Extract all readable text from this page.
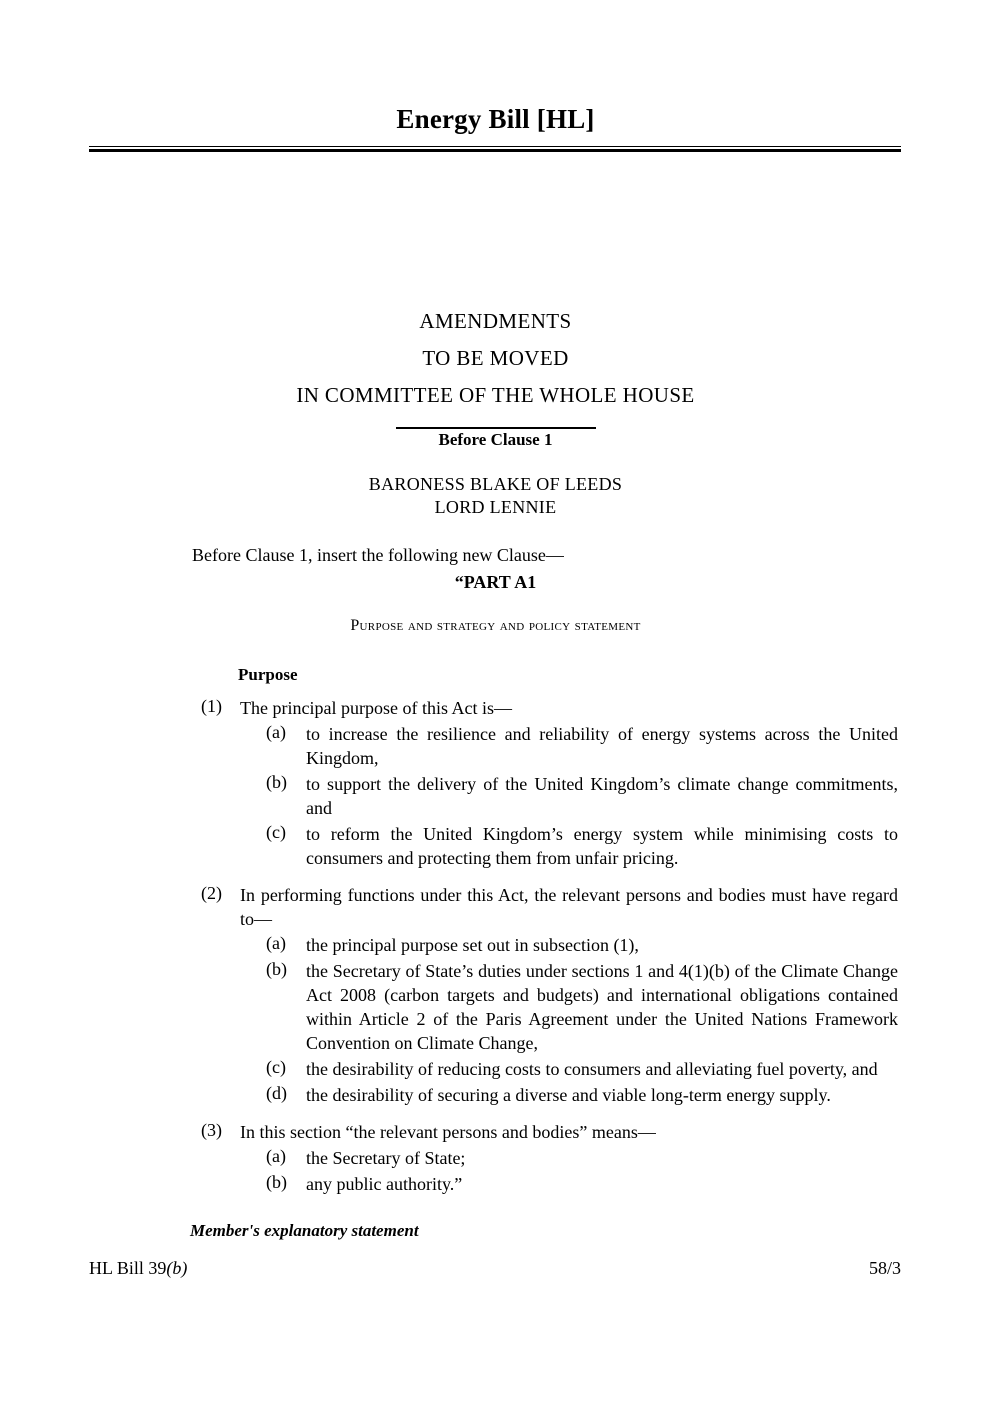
Energy Bill [HL]
AMENDMENTS
TO BE MOVED
IN COMMITTEE OF THE WHOLE HOUSE
Before Clause 1
BARONESS BLAKE OF LEEDS
LORD LENNIE
Before Clause 1, insert the following new Clause—
“PART A1
Purpose and strategy and policy statement
Purpose
(1)	The principal purpose of this Act is—
(a)	to increase the resilience and reliability of energy systems across the United Kingdom,
(b)	to support the delivery of the United Kingdom’s climate change commitments, and
(c)	to reform the United Kingdom’s energy system while minimising costs to consumers and protecting them from unfair pricing.
(2)	In performing functions under this Act, the relevant persons and bodies must have regard to—
(a)	the principal purpose set out in subsection (1),
(b)	the Secretary of State’s duties under sections 1 and 4(1)(b) of the Climate Change Act 2008 (carbon targets and budgets) and international obligations contained within Article 2 of the Paris Agreement under the United Nations Framework Convention on Climate Change,
(c)	the desirability of reducing costs to consumers and alleviating fuel poverty, and
(d)	the desirability of securing a diverse and viable long-term energy supply.
(3)	In this section “the relevant persons and bodies” means—
(a)	the Secretary of State;
(b)	any public authority.”
Member's explanatory statement
HL Bill 39(b)	58/3
